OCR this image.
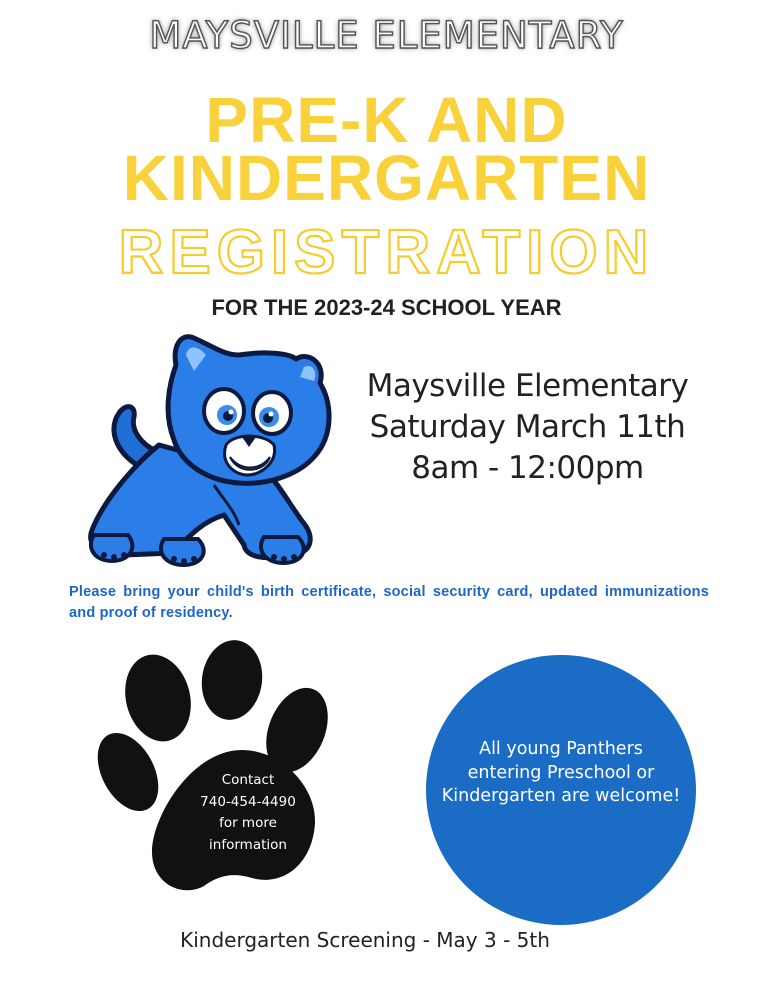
MAYSVILLE ELEMENTARY
PRE-K AND
KINDERGARTEN
REGISTRATION
FOR THE 2023-24 SCHOOL YEAR
Maysville Elementary
Saturday March 11th
8am - 12:00pm
Please bring your child's birth certificate, social security card, updated immunizations and proof of residency.
Contact
740-454-4490
for more
information
All young Panthers
entering Preschool or
Kindergarten are welcome!
Kindergarten Screening - May 3 - 5th
